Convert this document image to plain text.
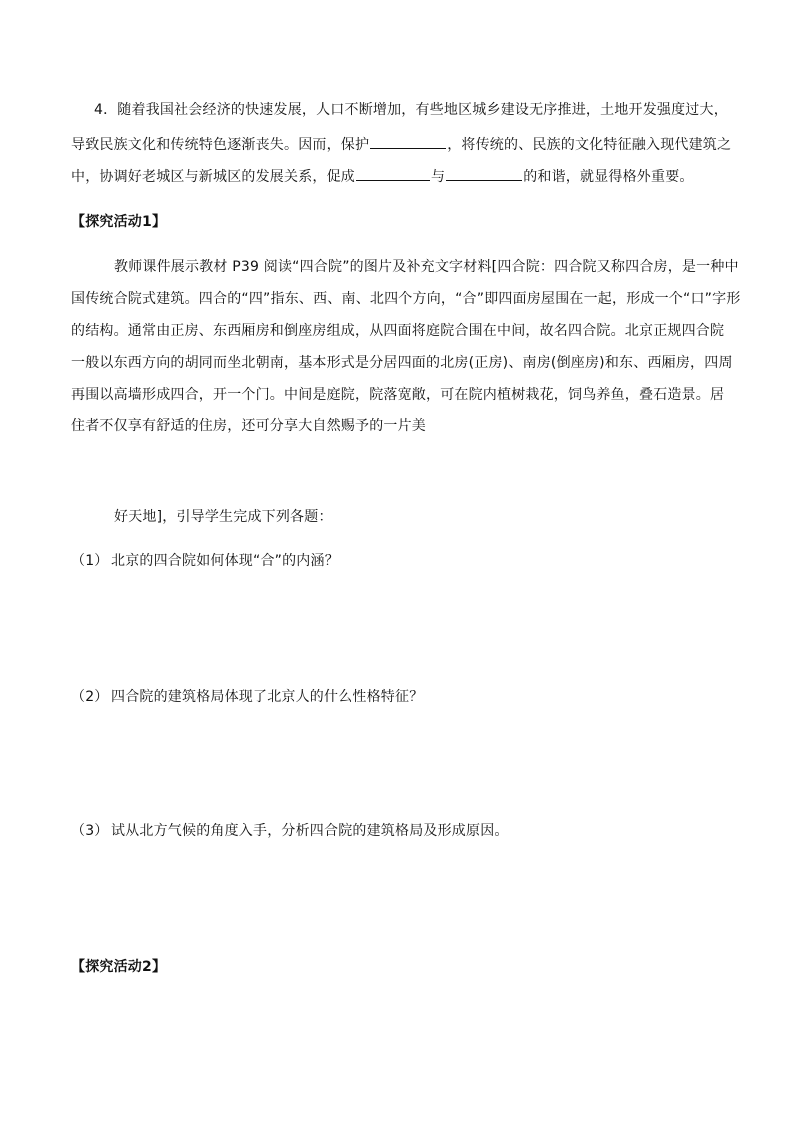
4．随着我国社会经济的快速发展，人口不断增加，有些地区城乡建设无序推进，土地开发强度过大，
导致民族文化和传统特色逐渐丧失。因而，保护	，将传统的、民族的文化特征融入现代建筑之
中，协调好老城区与新城区的发展关系，促成	与	的和谐，就显得格外重要。
【探究活动1】
教师课件展示教材 P39 阅读“四合院”的图片及补充文字材料[四合院：四合院又称四合房，是一种中
国传统合院式建筑。四合的“四”指东、西、南、北四个方向，“合”即四面房屋围在一起，形成一个“口”字形
的结构。通常由正房、东西厢房和倒座房组成，从四面将庭院合围在中间，故名四合院。北京正规四合院
一般以东西方向的胡同而坐北朝南，基本形式是分居四面的北房(正房)、南房(倒座房)和东、西厢房，四周
再围以高墙形成四合，开一个门。中间是庭院，院落宽敞，可在院内植树栽花，饲鸟养鱼，叠石造景。居
住者不仅享有舒适的住房，还可分享大自然赐予的一片美
好天地]，引导学生完成下列各题：
（1） 北京的四合院如何体现“合”的内涵？
（2） 四合院的建筑格局体现了北京人的什么性格特征？
（3） 试从北方气候的角度入手，分析四合院的建筑格局及形成原因。
【探究活动2】
